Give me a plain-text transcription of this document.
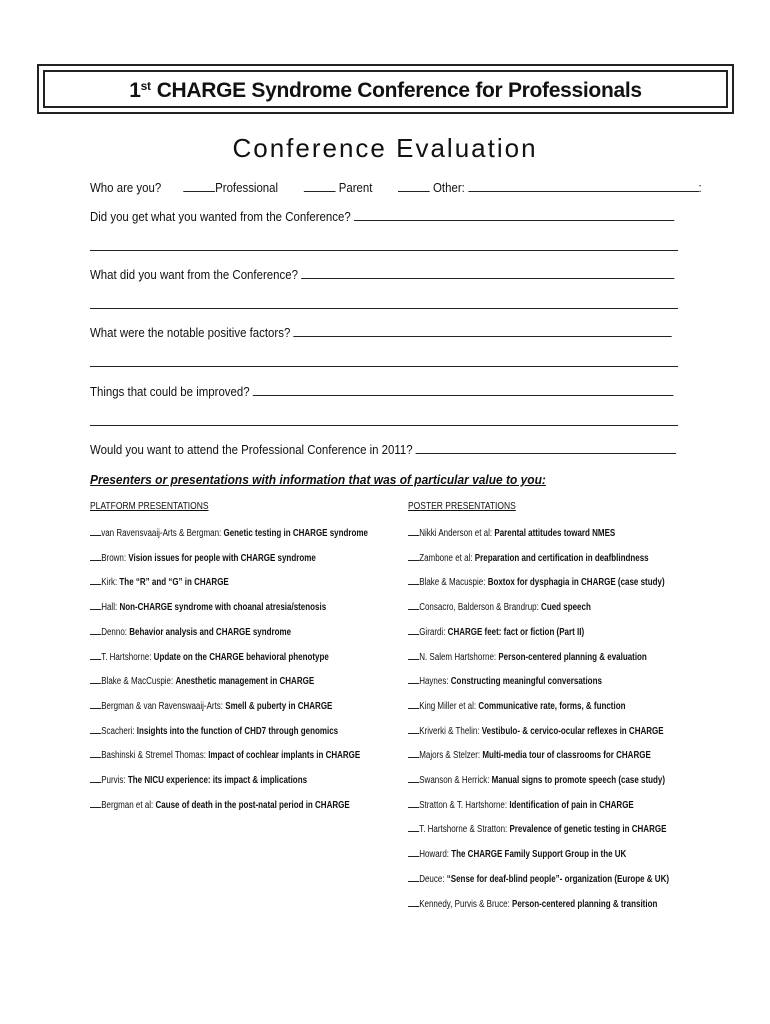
1st CHARGE Syndrome Conference for Professionals
Conference Evaluation
Who are you?	Professional	Parent	Other:	:
Did you get what you wanted from the Conference?
What did you want from the Conference?
What were the notable positive factors?
Things that could be improved?
Would you want to attend the Professional Conference in 2011?
Presenters or presentations with information that was of particular value to you:
PLATFORM PRESENTATIONS	POSTER PRESENTATIONS
van Ravensvaaij-Arts & Bergman: Genetic testing in CHARGE syndrome
Brown: Vision issues for people with CHARGE syndrome
Kirk: The “R” and “G” in CHARGE
Hall: Non-CHARGE syndrome with choanal atresia/stenosis
Denno: Behavior analysis and CHARGE syndrome
T. Hartshorne: Update on the CHARGE behavioral phenotype
Blake & MacCuspie: Anesthetic management in CHARGE
Bergman & van Ravenswaaij-Arts: Smell & puberty in CHARGE
Scacheri: Insights into the function of CHD7 through genomics
Bashinski & Stremel Thomas: Impact of cochlear implants in CHARGE
Purvis: The NICU experience: its impact & implications
Bergman et al: Cause of death in the post-natal period in CHARGE
Nikki Anderson et al: Parental attitudes toward NMES
Zambone et al: Preparation and certification in deafblindness
Blake & Macuspie: Boxtox for dysphagia in CHARGE (case study)
Consacro, Balderson & Brandrup: Cued speech
Girardi: CHARGE feet: fact or fiction (Part II)
N. Salem Hartshorne: Person-centered planning & evaluation
Haynes: Constructing meaningful conversations
King Miller et al: Communicative rate, forms, & function
Kriverki & Thelin: Vestibulo- & cervico-ocular reflexes in CHARGE
Majors & Stelzer: Multi-media tour of classrooms for CHARGE
Swanson & Herrick: Manual signs to promote speech (case study)
Stratton & T. Hartshorne: Identification of pain in CHARGE
T. Hartshorne & Stratton: Prevalence of genetic testing in CHARGE
Howard: The CHARGE Family Support Group in the UK
Deuce: “Sense for deaf-blind people”- organization (Europe & UK)
Kennedy, Purvis & Bruce: Person-centered planning & transition
